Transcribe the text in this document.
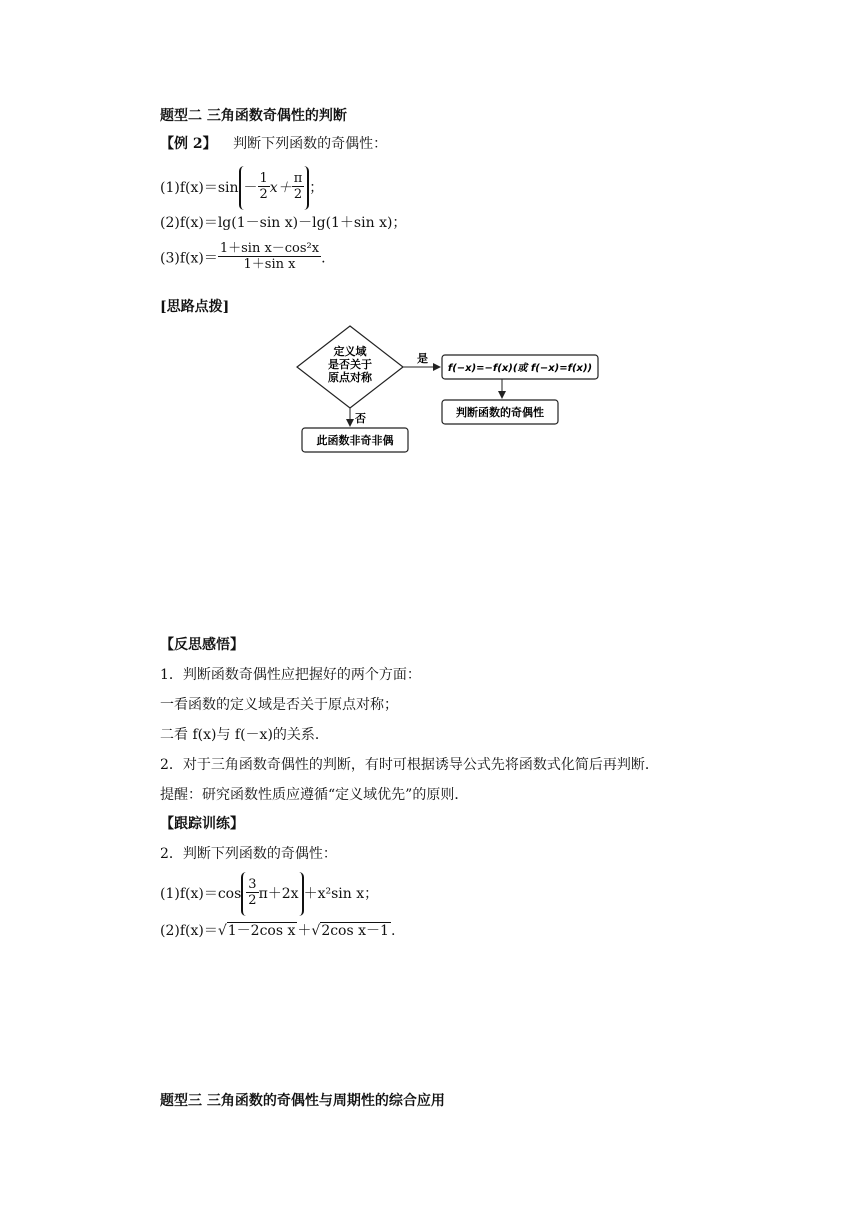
题型二 三角函数奇偶性的判断
【例 2】 判断下列函数的奇偶性：
$(1)f(x)=\sin - \frac{1}{2} x+ \frac{\pi}{2}$ ；
(2)f(x)＝lg(1－sin x)－lg(1＋sin x)；
$(3)f(x)= \frac{\text{1＋sin x－cos²x}}{\text{1＋sin x}}$ .
[思路点拨]
定义域
是否关于
原点对称
是
f(−x)=−f(x)(或 f(−x)=f(x))
判断函数的奇偶性
否
此函数非奇非偶
【反思感悟】
1．判断函数奇偶性应把握好的两个方面：
一看函数的定义域是否关于原点对称；
二看 f(x)与 f(－x)的关系．
2．对于三角函数奇偶性的判断，有时可根据诱导公式先将函数式化简后再判断．
提醒：研究函数性质应遵循“定义域优先”的原则．
【跟踪训练】
2．判断下列函数的奇偶性：
$(1)f(x)=\cos \frac{3}{2} \pi+2x +x^2\sin$ x；
(2)f(x)＝√1－2cos x ＋√2cos x－1 .
题型三 三角函数的奇偶性与周期性的综合应用
